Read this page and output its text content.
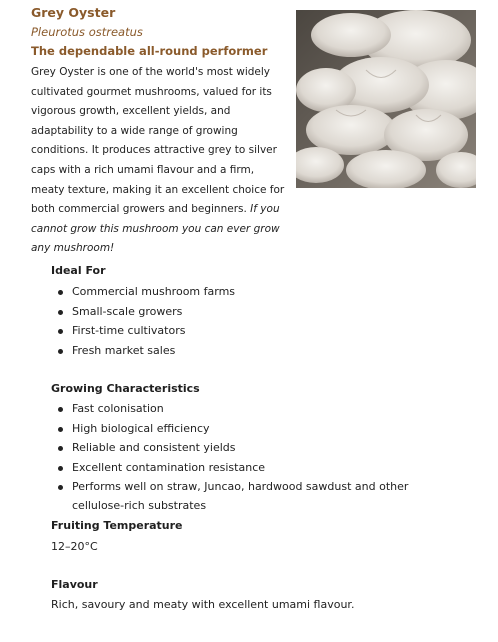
Grey Oyster
Pleurotus ostreatus
The dependable all-round performer
Grey Oyster is one of the world's most widely
cultivated gourmet mushrooms, valued for its
vigorous growth, excellent yields, and
adaptability to a wide range of growing
conditions. It produces attractive grey to silver
caps with a rich umami flavour and a firm,
meaty texture, making it an excellent choice for
both commercial growers and beginners. If you
cannot grow this mushroom you can ever grow
any mushroom!
Ideal For
Commercial mushroom farms
Small-scale growers
First-time cultivators
Fresh market sales
Growing Characteristics
Fast colonisation
High biological efficiency
Reliable and consistent yields
Excellent contamination resistance
Performs well on straw, Juncao, hardwood sawdust and other
cellulose-rich substrates
Fruiting Temperature
12–20°C
Flavour
Rich, savoury and meaty with excellent umami flavour.
